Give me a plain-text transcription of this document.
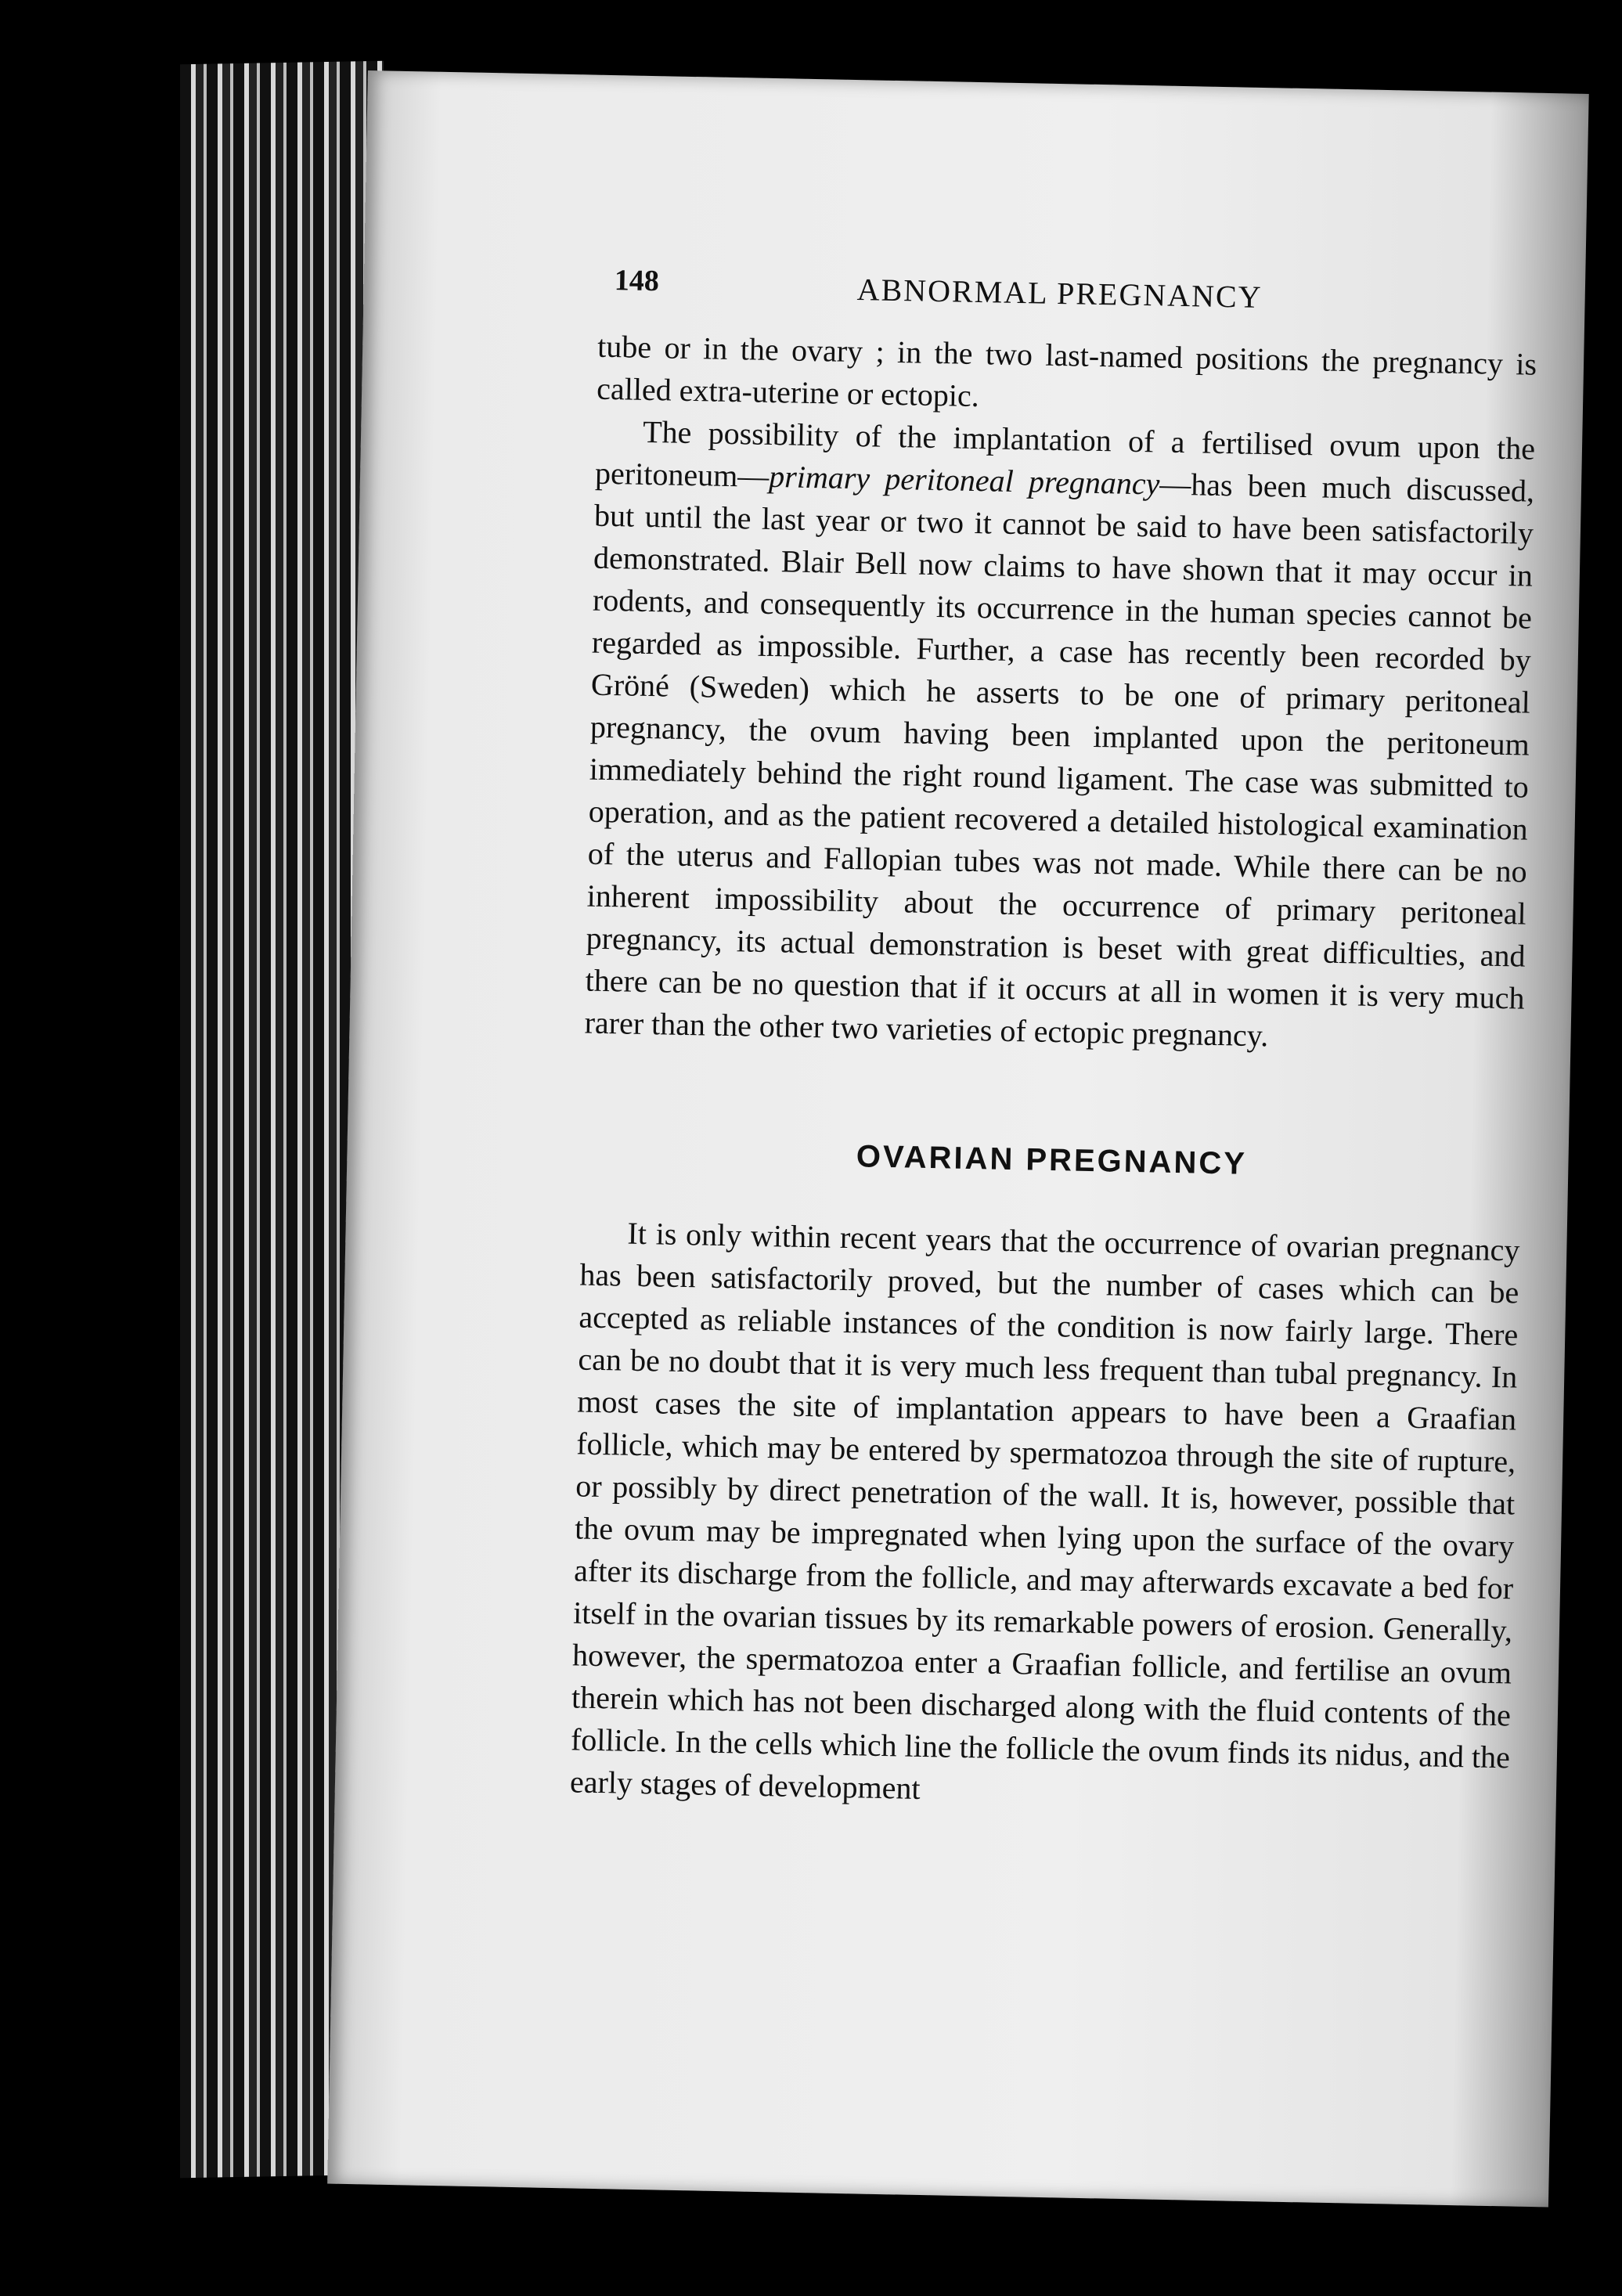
148	ABNORMAL PREGNANCY

tube or in the ovary ; in the two last-named positions the pregnancy is called extra-uterine or ectopic.

The possibility of the implantation of a fertilised ovum upon the peritoneum—primary peritoneal pregnancy—has been much discussed, but until the last year or two it cannot be said to have been satisfactorily demonstrated. Blair Bell now claims to have shown that it may occur in rodents, and consequently its occurrence in the human species cannot be regarded as impossible. Further, a case has recently been recorded by Gröné (Sweden) which he asserts to be one of primary peritoneal pregnancy, the ovum having been implanted upon the peritoneum immediately behind the right round ligament. The case was submitted to operation, and as the patient recovered a detailed histological examination of the uterus and Fallopian tubes was not made. While there can be no inherent impossibility about the occurrence of primary peritoneal pregnancy, its actual demonstration is beset with great difficulties, and there can be no question that if it occurs at all in women it is very much rarer than the other two varieties of ectopic pregnancy.

OVARIAN PREGNANCY

It is only within recent years that the occurrence of ovarian pregnancy has been satisfactorily proved, but the number of cases which can be accepted as reliable instances of the condition is now fairly large. There can be no doubt that it is very much less frequent than tubal pregnancy. In most cases the site of implantation appears to have been a Graafian follicle, which may be entered by spermatozoa through the site of rupture, or possibly by direct penetration of the wall. It is, however, possible that the ovum may be impregnated when lying upon the surface of the ovary after its discharge from the follicle, and may afterwards excavate a bed for itself in the ovarian tissues by its remarkable powers of erosion. Generally, however, the spermatozoa enter a Graafian follicle, and fertilise an ovum therein which has not been discharged along with the fluid contents of the follicle. In the cells which line the follicle the ovum finds its nidus, and the early stages of development
